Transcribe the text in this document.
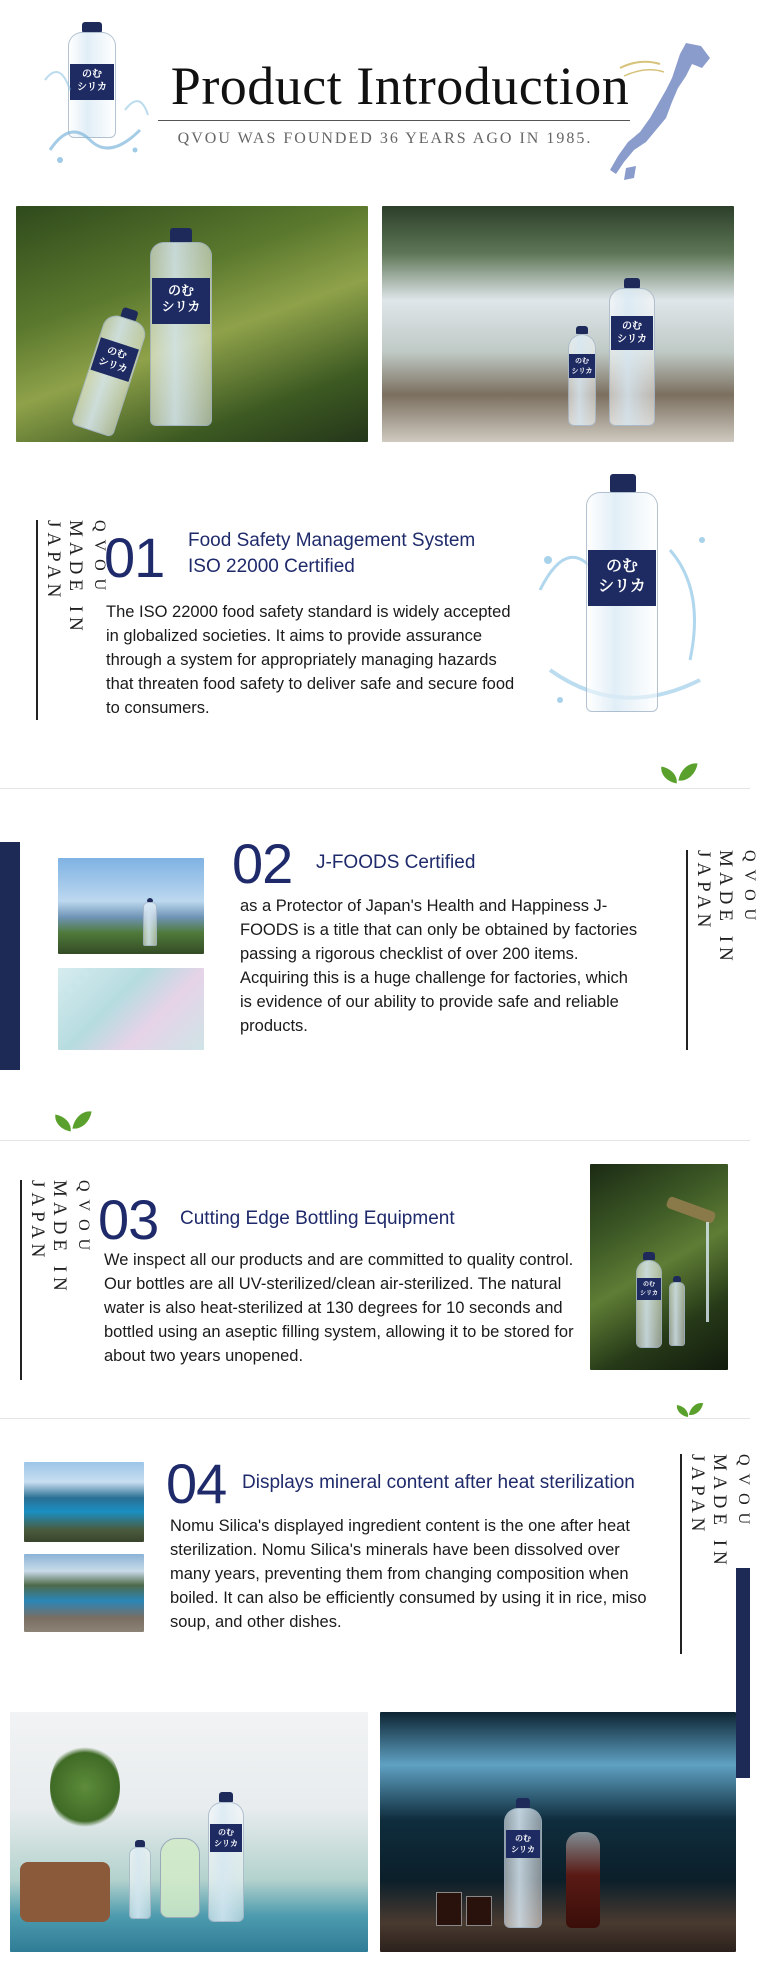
のむ
シリカ	Product Introduction
QVOU WAS FOUNDED 36 YEARS AGO IN 1985.
のむ
シリカ
のむ
シリカ
のむ
シリカ
のむ
シリカ
QVOU
MADE IN JAPAN 01 Food Safety Management System
ISO 22000 Certified
The ISO 22000 food safety standard is widely accepted in globalized societies. It aims to provide assurance through a system for appropriately managing hazards that threaten food safety to deliver safe and secure food to consumers.
のむ
シリカ
02 J-FOODS Certified
as a Protector of Japan's Health and Happiness J-FOODS is a title that can only be obtained by factories passing a rigorous checklist of over 200 items.
Acquiring this is a huge challenge for factories, which is evidence of our ability to provide safe and reliable products.
QVOU
MADE IN JAPAN
QVOU
MADE IN JAPAN 03 Cutting Edge Bottling Equipment
We inspect all our products and are committed to quality control. Our bottles are all UV-sterilized/clean air-sterilized. The natural water is also heat-sterilized at 130 degrees for 10 seconds and bottled using an aseptic filling system, allowing it to be stored for about two years unopened.
のむ
シリカ
04 Displays mineral content after heat sterilization
Nomu Silica's displayed ingredient content is the one after heat sterilization. Nomu Silica's minerals have been dissolved over many years, preventing them from changing composition when boiled. It can also be efficiently consumed by using it in rice, miso soup, and other dishes.
QVOU
MADE IN JAPAN
のむ
シリカ
のむ
シリカ
